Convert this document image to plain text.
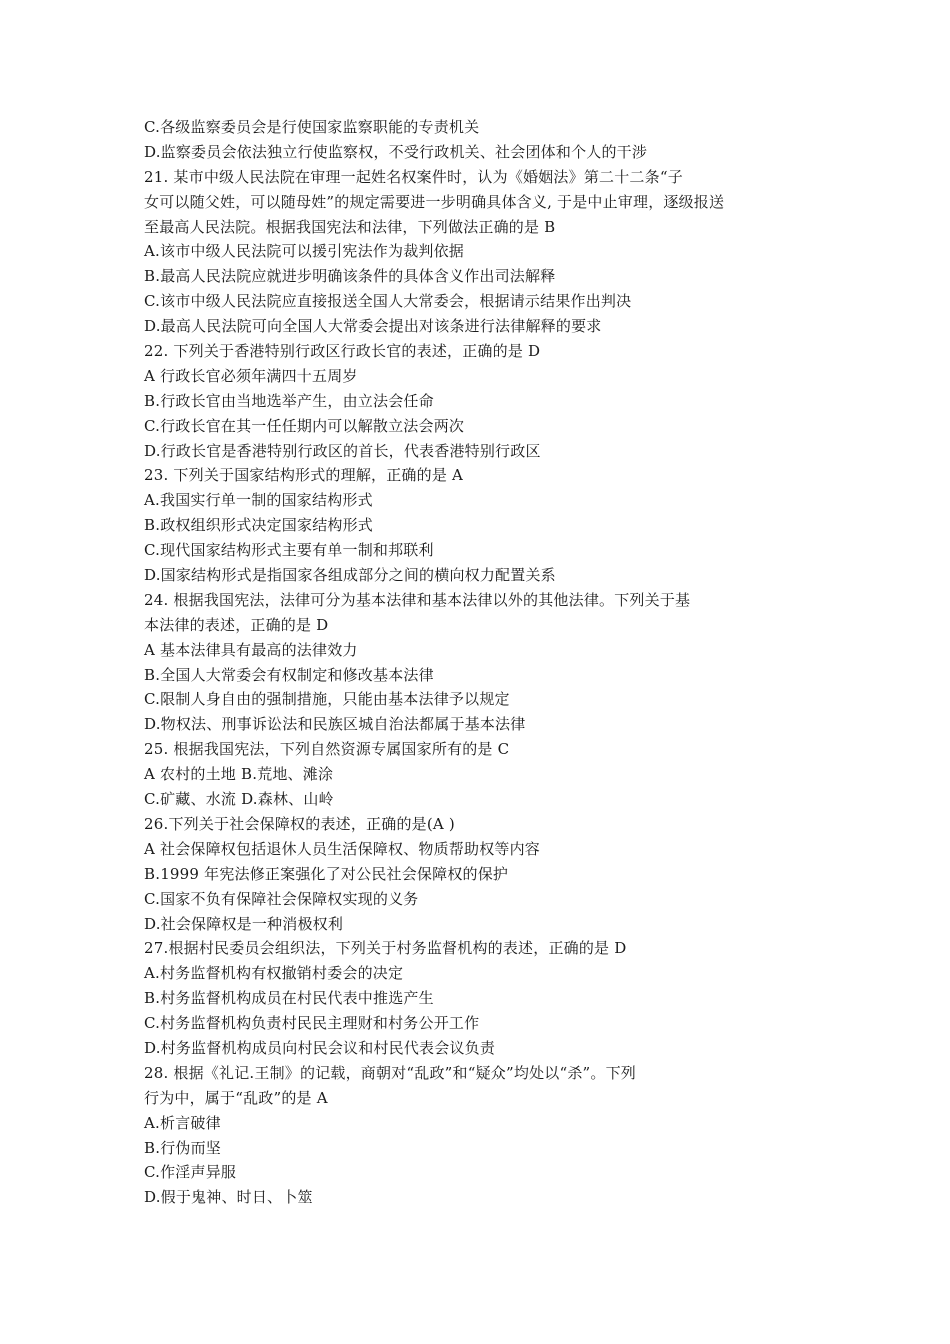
C.各级监察委员会是行使国家监察职能的专责机关
D.监察委员会依法独立行使监察权，不受行政机关、社会团体和个人的干涉
21. 某市中级人民法院在审理一起姓名权案件时，认为《婚姻法》第二十二条“子
女可以随父姓，可以随母姓”的规定需要进一步明确具体含义, 于是中止审理，逐级报送
至最高人民法院。根据我国宪法和法律，下列做法正确的是 B
A.该市中级人民法院可以援引宪法作为裁判依据
B.最高人民法院应就进步明确该条件的具体含义作出司法解释
C.该市中级人民法院应直接报送全国人大常委会，根据请示结果作出判决
D.最高人民法院可向全国人大常委会提出对该条进行法律解释的要求
22. 下列关于香港特别行政区行政长官的表述，正确的是 D
A 行政长官必须年满四十五周岁
B.行政长官由当地选举产生，由立法会任命
C.行政长官在其一任任期内可以解散立法会两次
D.行政长官是香港特别行政区的首长，代表香港特别行政区
23. 下列关于国家结构形式的理解，正确的是 A
A.我国实行单一制的国家结构形式
B.政权组织形式决定国家结构形式
C.现代国家结构形式主要有单一制和邦联利
D.国家结构形式是指国家各组成部分之间的横向权力配置关系
24. 根据我国宪法，法律可分为基本法律和基本法律以外的其他法律。下列关于基
本法律的表述，正确的是 D
A 基本法律具有最高的法律效力
B.全国人大常委会有权制定和修改基本法律
C.限制人身自由的强制措施，只能由基本法律予以规定
D.物权法、刑事诉讼法和民族区城自治法都属于基本法律
25. 根据我国宪法，下列自然资源专属国家所有的是 C
A 农村的土地 B.荒地、滩涂
C.矿藏、水流 D.森林、山岭
26.下列关于社会保障权的表述，正确的是(A )
A 社会保障权包括退休人员生活保障权、物质帮助权等内容
B.1999 年宪法修正案强化了对公民社会保障权的保护
C.国家不负有保障社会保障权实现的义务
D.社会保障权是一种消极权利
27.根据村民委员会组织法，下列关于村务监督机构的表述，正确的是 D
A.村务监督机构有权撤销村委会的决定
B.村务监督机构成员在村民代表中推选产生
C.村务监督机构负责村民民主理财和村务公开工作
D.村务监督机构成员向村民会议和村民代表会议负责
28. 根据《礼记.王制》的记载，商朝对“乱政”和“疑众”均处以“杀”。下列
行为中，属于“乱政”的是 A
A.析言破律
B.行伪而坚
C.作淫声异服
D.假于鬼神、时日、卜筮
